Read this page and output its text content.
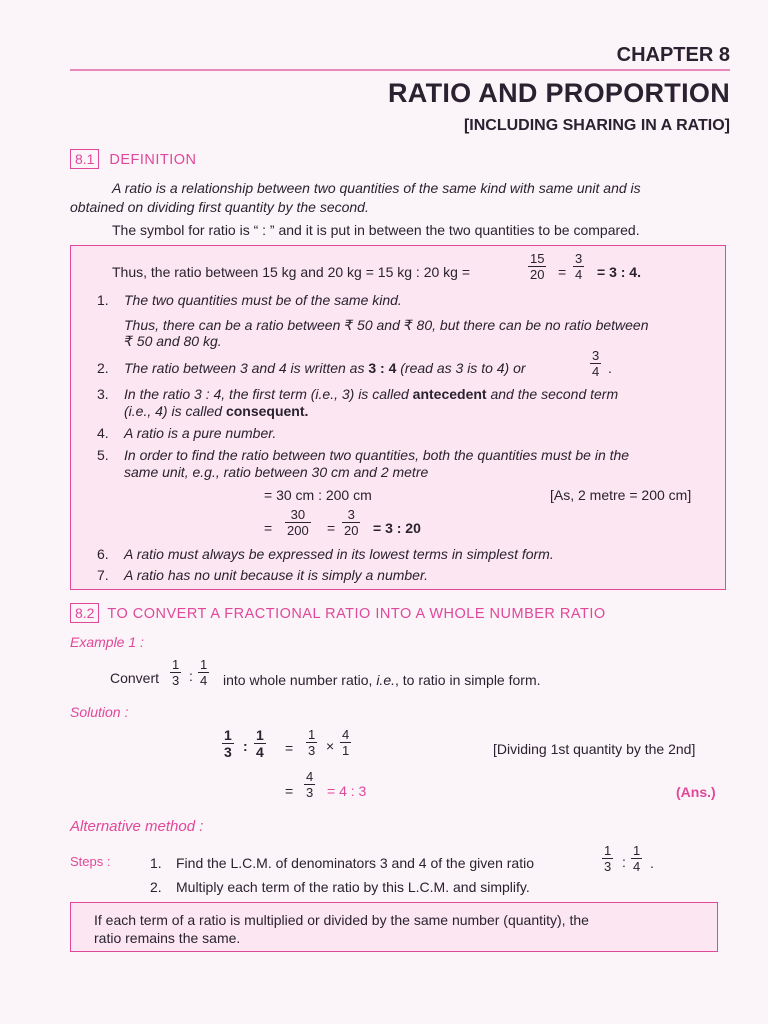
CHAPTER 8
RATIO AND PROPORTION
[INCLUDING SHARING IN A RATIO]
8.1 DEFINITION
A ratio is a relationship between two quantities of the same kind with same unit and is
obtained on dividing first quantity by the second.
The symbol for ratio is “ : ” and it is put in between the two quantities to be compared.
Thus, the ratio between 15 kg and 20 kg = 15 kg : 20 kg =	$\frac{15}{20} = \frac{3}{4} = 3$ : 4.
1. The two quantities must be of the same kind.
Thus, there can be a ratio between ₹ 50 and ₹ 80, but there can be no ratio between
₹ 50 and 80 kg.
2. The ratio between 3 and 4 is written as 3 : 4 (read as 3 is to 4) or	$\frac{3}{4}$ .
3. In the ratio 3 : 4, the first term (i.e., 3) is called antecedent and the second term
(i.e., 4) is called consequent.
4. A ratio is a pure number.
5. In order to find the ratio between two quantities, both the quantities must be in the
same unit, e.g., ratio between 30 cm and 2 metre
= 30 cm : 200 cm	[As, 2 metre = 200 cm]
= $\frac{30}{200} = \frac{3}{20} = 3$ : 20
6. A ratio must always be expressed in its lowest terms in simplest form.
7. A ratio has no unit because it is simply a number.
8.2 TO CONVERT A FRACTIONAL RATIO INTO A WHOLE NUMBER RATIO
Example 1 :
Convert $\frac{1}{3}$ : $\frac{1}{4}$ into whole number ratio, i.e., to ratio in simple form.
Solution :
$\frac{1}{3}$ : $\frac{1}{4} = \frac{1}{3} \times \frac{4}{1}$	[Dividing 1st quantity by the 2nd]
= $\frac{4}{3} = 4$ : 3	(Ans.)
Alternative method :
Steps :	1. Find the L.C.M. of denominators 3 and 4 of the given ratio	$\frac{1}{3}$ : $\frac{1}{4}$ .
2. Multiply each term of the ratio by this L.C.M. and simplify.
If each term of a ratio is multiplied or divided by the same number (quantity), the
ratio remains the same.
